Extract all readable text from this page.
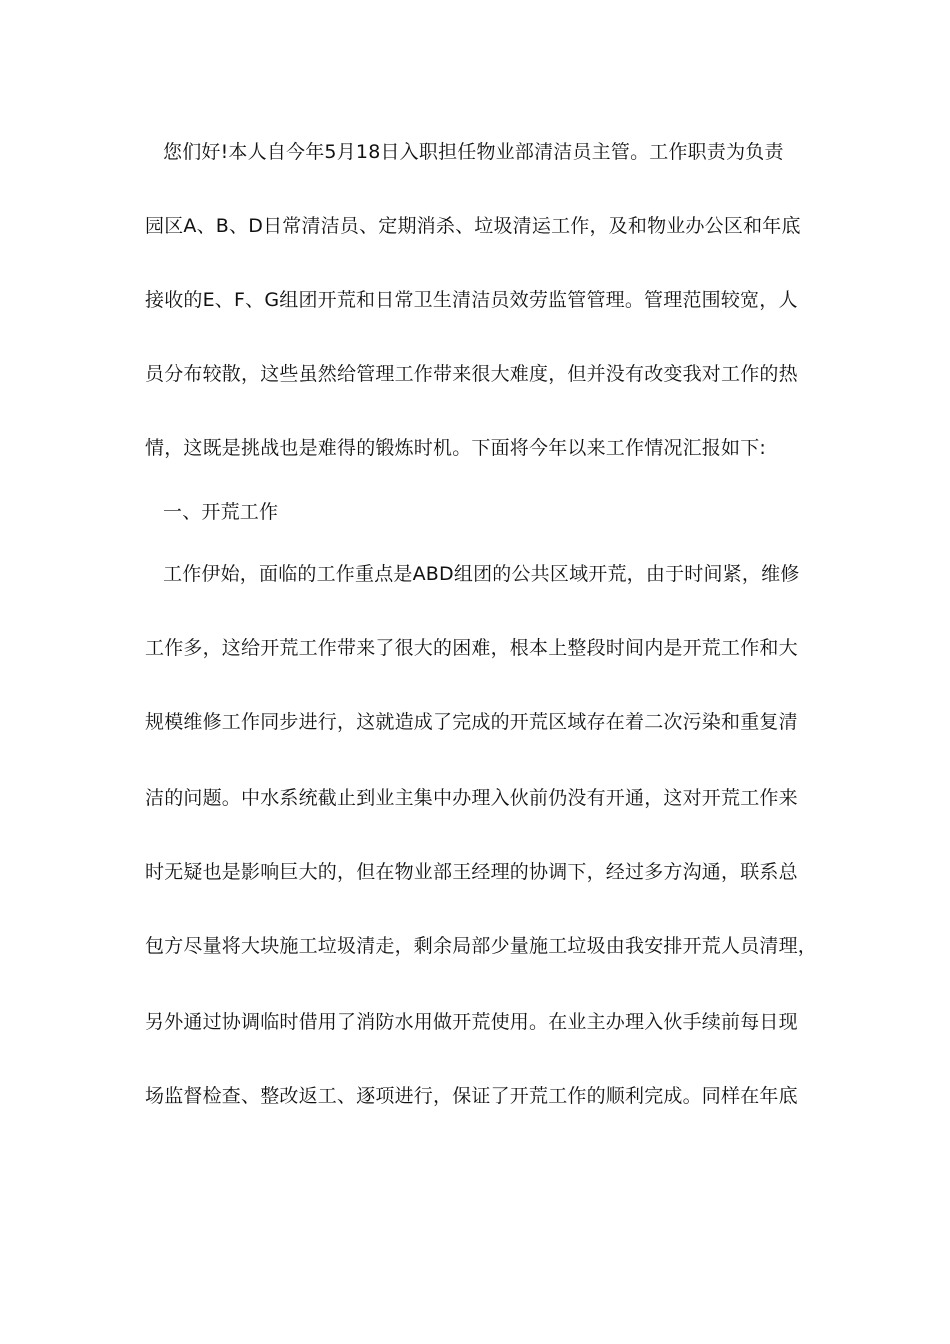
您们好!本人自今年5月18日入职担任物业部清洁员主管。工作职责为负责
园区A、B、D日常清洁员、定期消杀、垃圾清运工作，及和物业办公区和年底
接收的E、F、G组团开荒和日常卫生清洁员效劳监管管理。管理范围较宽，人
员分布较散，这些虽然给管理工作带来很大难度，但并没有改变我对工作的热
情，这既是挑战也是难得的锻炼时机。下面将今年以来工作情况汇报如下:
一、开荒工作
工作伊始，面临的工作重点是ABD组团的公共区域开荒，由于时间紧，维修
工作多，这给开荒工作带来了很大的困难，根本上整段时间内是开荒工作和大
规模维修工作同步进行，这就造成了完成的开荒区域存在着二次污染和重复清
洁的问题。中水系统截止到业主集中办理入伙前仍没有开通，这对开荒工作来
时无疑也是影响巨大的，但在物业部王经理的协调下，经过多方沟通，联系总
包方尽量将大块施工垃圾清走，剩余局部少量施工垃圾由我安排开荒人员清理，
另外通过协调临时借用了消防水用做开荒使用。在业主办理入伙手续前每日现
场监督检查、整改返工、逐项进行，保证了开荒工作的顺利完成。同样在年底
